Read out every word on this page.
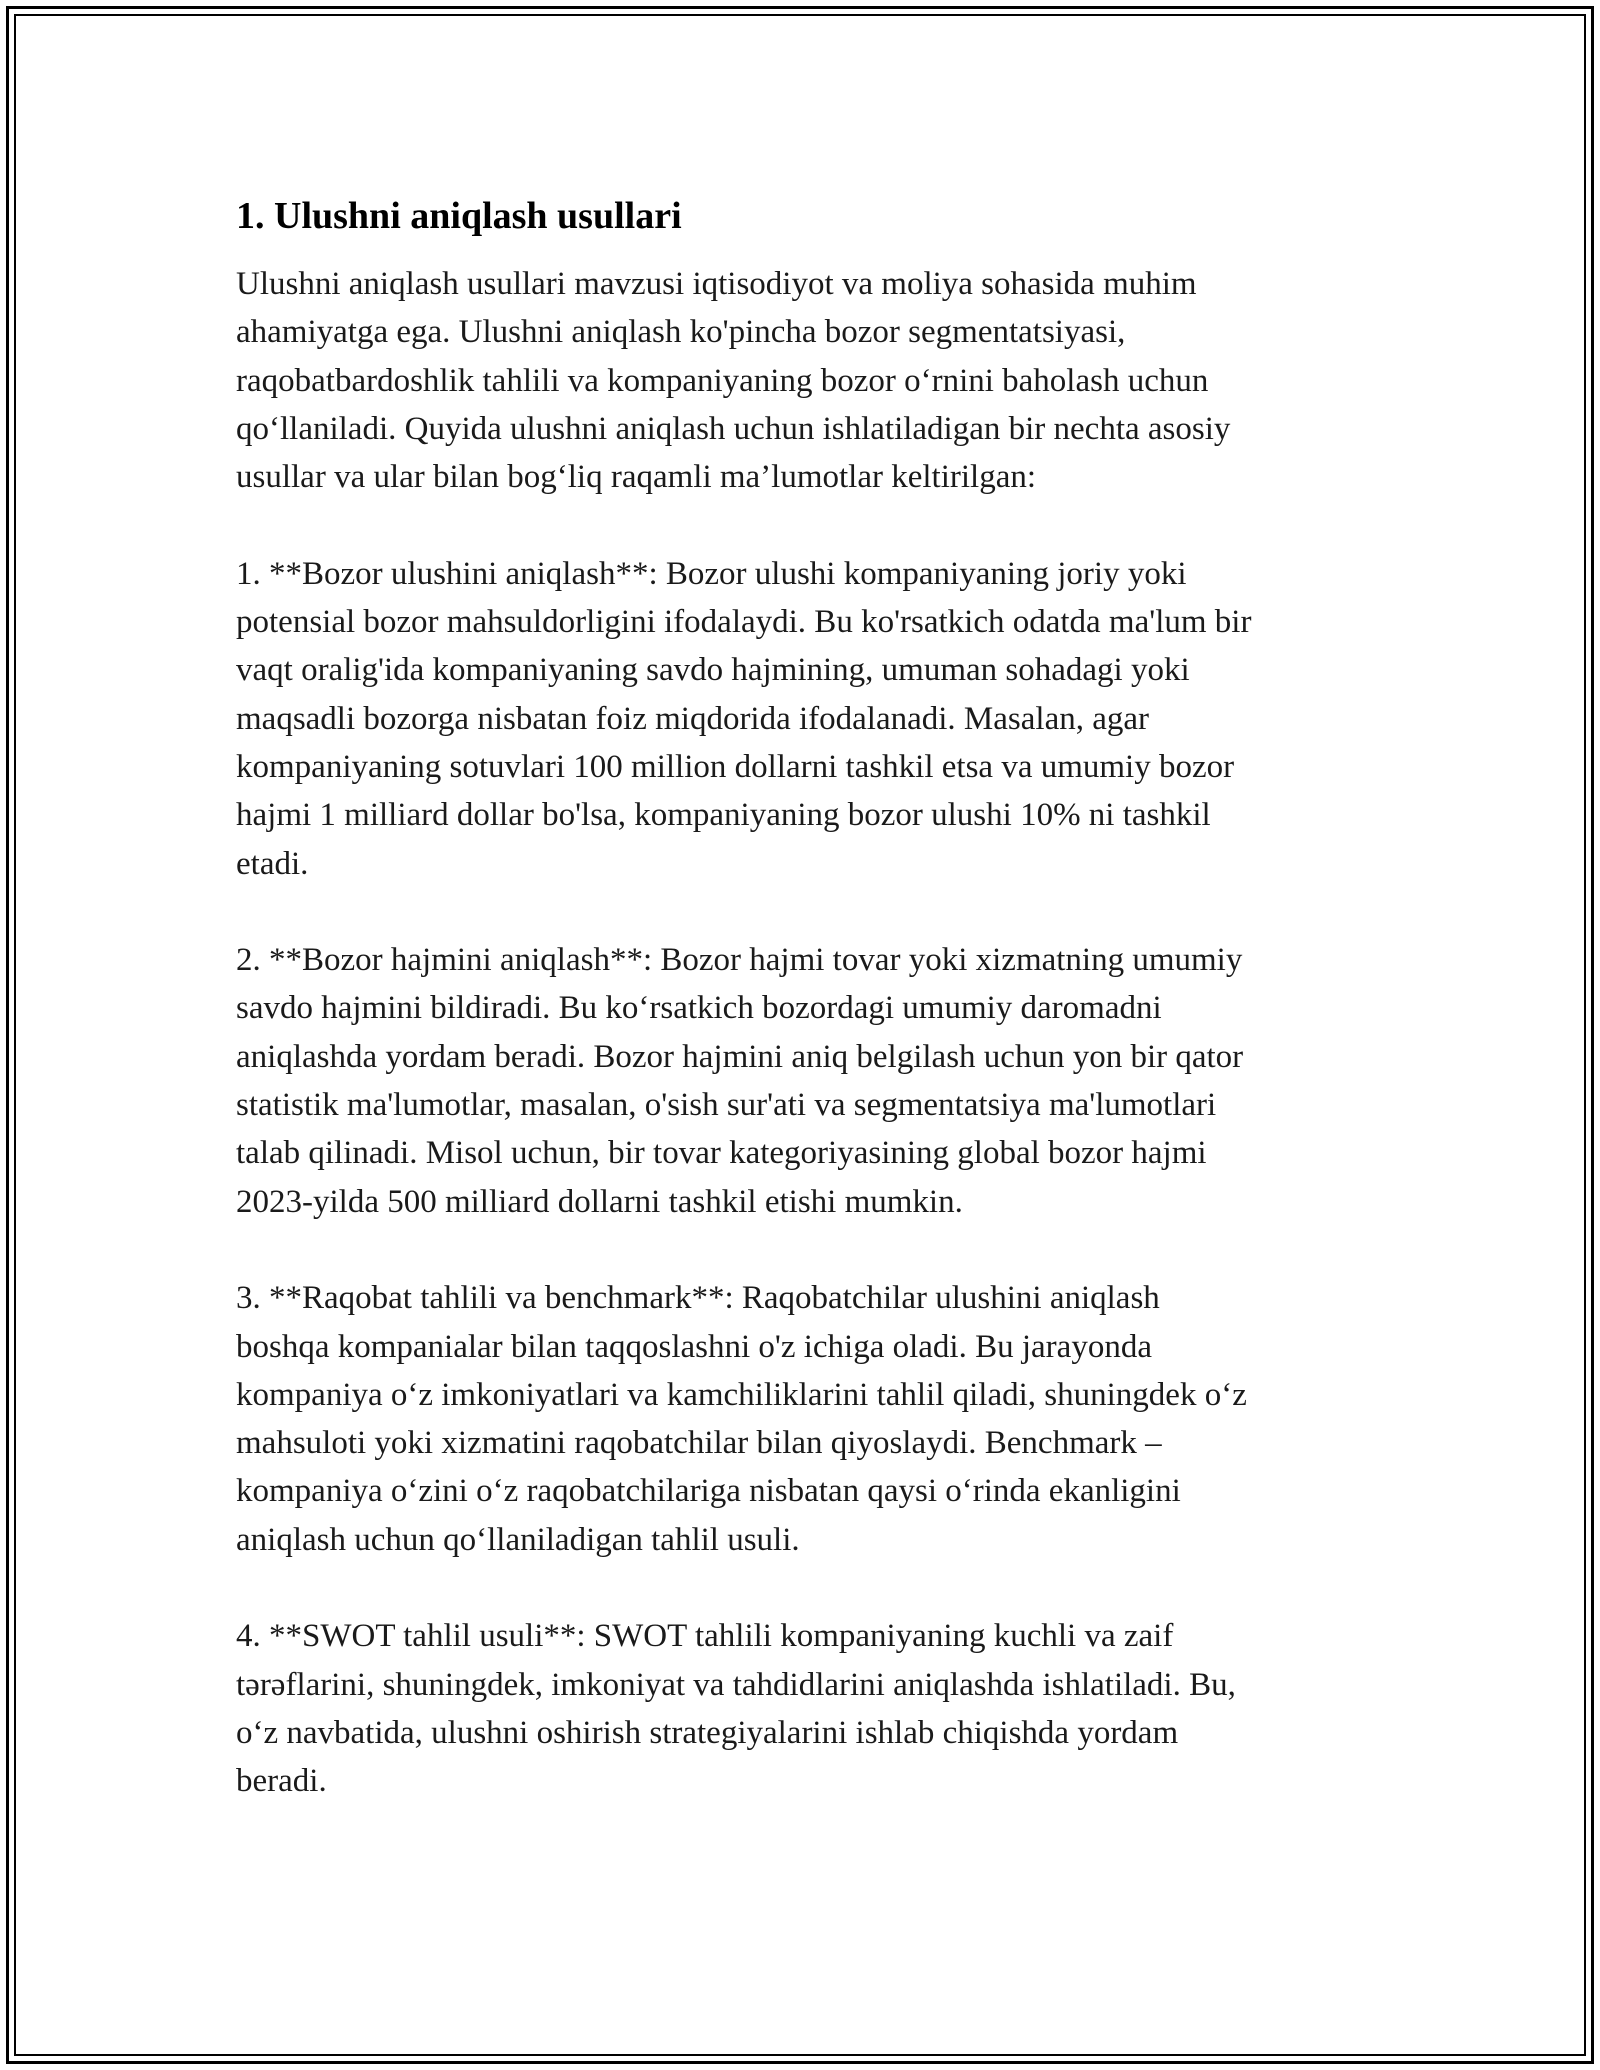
1. Ulushni aniqlash usullari
Ulushni aniqlash usullari mavzusi iqtisodiyot va moliya sohasida muhim
ahamiyatga ega. Ulushni aniqlash ko'pincha bozor segmentatsiyasi,
raqobatbardoshlik tahlili va kompaniyaning bozor o‘rnini baholash uchun
qo‘llaniladi. Quyida ulushni aniqlash uchun ishlatiladigan bir nechta asosiy
usullar va ular bilan bog‘liq raqamli ma’lumotlar keltirilgan:
1. **Bozor ulushini aniqlash**: Bozor ulushi kompaniyaning joriy yoki
potensial bozor mahsuldorligini ifodalaydi. Bu ko'rsatkich odatda ma'lum bir
vaqt oralig'ida kompaniyaning savdo hajmining, umuman sohadagi yoki
maqsadli bozorga nisbatan foiz miqdorida ifodalanadi. Masalan, agar
kompaniyaning sotuvlari 100 million dollarni tashkil etsa va umumiy bozor
hajmi 1 milliard dollar bo'lsa, kompaniyaning bozor ulushi 10% ni tashkil
etadi.
2. **Bozor hajmini aniqlash**: Bozor hajmi tovar yoki xizmatning umumiy
savdo hajmini bildiradi. Bu ko‘rsatkich bozordagi umumiy daromadni
aniqlashda yordam beradi. Bozor hajmini aniq belgilash uchun yon bir qator
statistik ma'lumotlar, masalan, o'sish sur'ati va segmentatsiya ma'lumotlari
talab qilinadi. Misol uchun, bir tovar kategoriyasining global bozor hajmi
2023-yilda 500 milliard dollarni tashkil etishi mumkin.
3. **Raqobat tahlili va benchmark**: Raqobatchilar ulushini aniqlash
boshqa kompanialar bilan taqqoslashni o'z ichiga oladi. Bu jarayonda
kompaniya o‘z imkoniyatlari va kamchiliklarini tahlil qiladi, shuningdek o‘z
mahsuloti yoki xizmatini raqobatchilar bilan qiyoslaydi. Benchmark –
kompaniya o‘zini o‘z raqobatchilariga nisbatan qaysi o‘rinda ekanligini
aniqlash uchun qo‘llaniladigan tahlil usuli.
4. **SWOT tahlil usuli**: SWOT tahlili kompaniyaning kuchli va zaif
tərəflarini, shuningdek, imkoniyat va tahdidlarini aniqlashda ishlatiladi. Bu,
o‘z navbatida, ulushni oshirish strategiyalarini ishlab chiqishda yordam
beradi.
